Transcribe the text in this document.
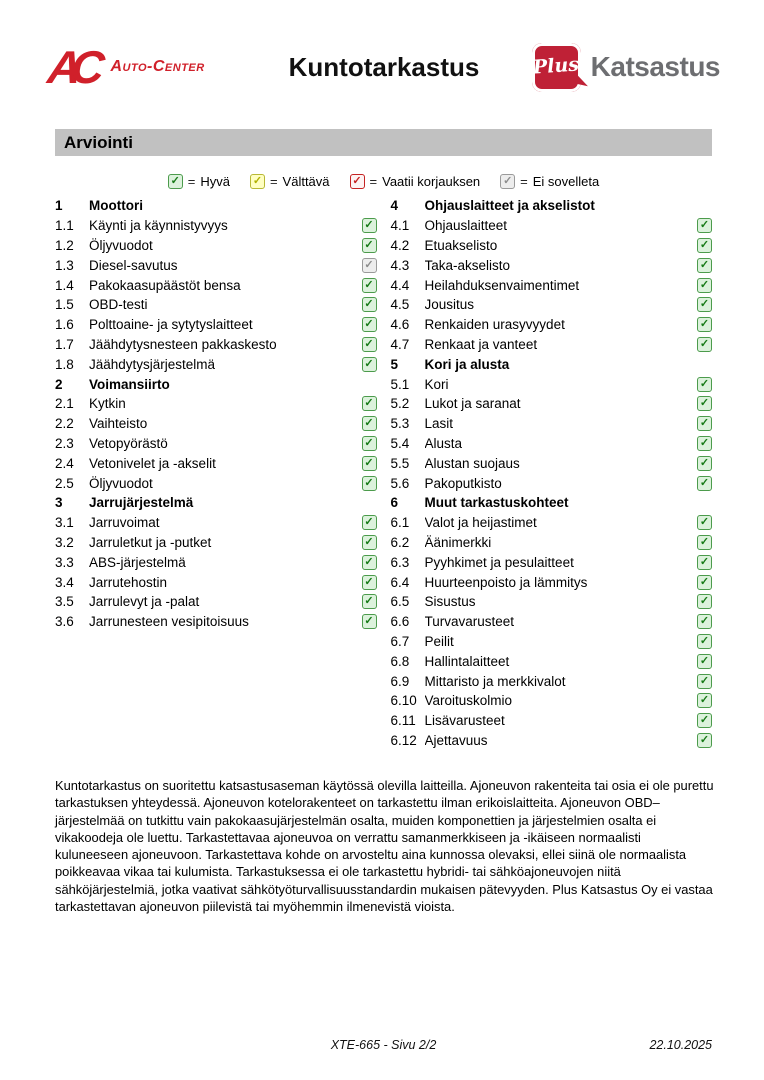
AC Auto-Center	Kuntotarkastus	Plus Katsastus
Arviointi
✓ = Hyvä ✓ = Välttävä ✓ = Vaatii korjauksen ✓ = Ei sovelleta
1	Moottori
1.1	Käynti ja käynnistyvyys	✓
1.2	Öljyvuodot	✓
1.3	Diesel-savutus	✓
1.4	Pakokaasupäästöt bensa	✓
1.5	OBD-testi	✓
1.6	Polttoaine- ja sytytyslaitteet	✓
1.7	Jäähdytysnesteen pakkaskesto	✓
1.8	Jäähdytysjärjestelmä	✓
2	Voimansiirto
2.1	Kytkin	✓
2.2	Vaihteisto	✓
2.3	Vetopyörästö	✓
2.4	Vetonivelet ja -akselit	✓
2.5	Öljyvuodot	✓
3	Jarrujärjestelmä
3.1	Jarruvoimat	✓
3.2	Jarruletkut ja -putket	✓
3.3	ABS-järjestelmä	✓
3.4	Jarrutehostin	✓
3.5	Jarrulevyt ja -palat	✓
3.6	Jarrunesteen vesipitoisuus	✓
4	Ohjauslaitteet ja akselistot
4.1	Ohjauslaitteet	✓
4.2	Etuakselisto	✓
4.3	Taka-akselisto	✓
4.4	Heilahduksenvaimentimet	✓
4.5	Jousitus	✓
4.6	Renkaiden urasyvyydet	✓
4.7	Renkaat ja vanteet	✓
5	Kori ja alusta
5.1	Kori	✓
5.2	Lukot ja saranat	✓
5.3	Lasit	✓
5.4	Alusta	✓
5.5	Alustan suojaus	✓
5.6	Pakoputkisto	✓
6	Muut tarkastuskohteet
6.1	Valot ja heijastimet	✓
6.2	Äänimerkki	✓
6.3	Pyyhkimet ja pesulaitteet	✓
6.4	Huurteenpoisto ja lämmitys	✓
6.5	Sisustus	✓
6.6	Turvavarusteet	✓
6.7	Peilit	✓
6.8	Hallintalaitteet	✓
6.9	Mittaristo ja merkkivalot	✓
6.10 Varoituskolmio	✓
6.11 Lisävarusteet	✓
6.12 Ajettavuus	✓
Kuntotarkastus on suoritettu katsastusaseman käytössä olevilla laitteilla. Ajoneuvon rakenteita tai osia ei ole purettu tarkastuksen yhteydessä. Ajoneuvon kotelorakenteet on tarkastettu ilman erikoislaitteita. Ajoneuvon OBD–järjestelmää on tutkittu vain pakokaasujärjestelmän osalta, muiden komponettien ja järjestelmien osalta ei vikakoodeja ole luettu. Tarkastettavaa ajoneuvoa on verrattu samanmerkkiseen ja -ikäiseen normaalisti kuluneeseen ajoneuvoon. Tarkastettava kohde on arvosteltu aina kunnossa olevaksi, ellei siinä ole normaalista poikkeavaa vikaa tai kulumista. Tarkastuksessa ei ole tarkastettu hybridi- tai sähköajoneuvojen niitä sähköjärjestelmiä, jotka vaativat sähkötyöturvallisuusstandardin mukaisen pätevyyden. Plus Katsastus Oy ei vastaa tarkastettavan ajoneuvon piilevistä tai myöhemmin ilmenevistä vioista.
XTE-665 - Sivu 2/2	22.10.2025
